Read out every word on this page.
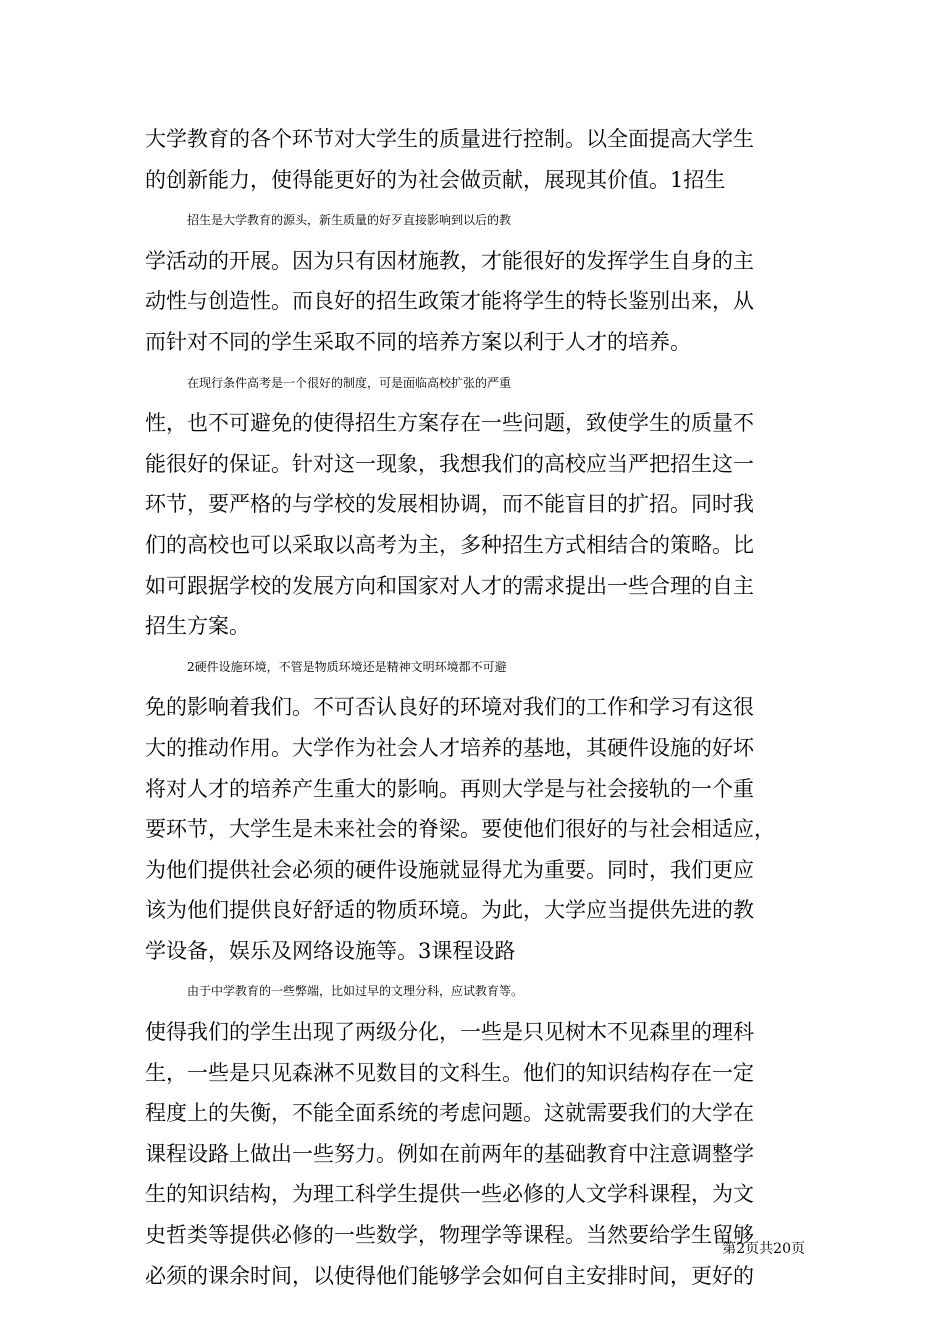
大学教育的各个环节对大学生的质量进行控制。以全面提高大学生
的创新能力，使得能更好的为社会做贡献，展现其价值。1招生
招生是大学教育的源头，新生质量的好歹直接影响到以后的教
学活动的开展。因为只有因材施教，才能很好的发挥学生自身的主
动性与创造性。而良好的招生政策才能将学生的特长鉴别出来，从
而针对不同的学生采取不同的培养方案以利于人才的培养。
在现行条件高考是一个很好的制度，可是面临高校扩张的严重
性，也不可避免的使得招生方案存在一些问题，致使学生的质量不
能很好的保证。针对这一现象，我想我们的高校应当严把招生这一
环节，要严格的与学校的发展相协调，而不能盲目的扩招。同时我
们的高校也可以采取以高考为主，多种招生方式相结合的策略。比
如可跟据学校的发展方向和国家对人才的需求提出一些合理的自主
招生方案。
2硬件设施环境，不管是物质环境还是精神文明环境都不可避
免的影响着我们。不可否认良好的环境对我们的工作和学习有这很
大的推动作用。大学作为社会人才培养的基地，其硬件设施的好坏
将对人才的培养产生重大的影响。再则大学是与社会接轨的一个重
要环节，大学生是未来社会的脊梁。要使他们很好的与社会相适应，
为他们提供社会必须的硬件设施就显得尤为重要。同时，我们更应
该为他们提供良好舒适的物质环境。为此，大学应当提供先进的教
学设备，娱乐及网络设施等。3课程设路
由于中学教育的一些弊端，比如过早的文理分科，应试教育等。
使得我们的学生出现了两级分化，一些是只见树木不见森里的理科
生，一些是只见森淋不见数目的文科生。他们的知识结构存在一定
程度上的失衡，不能全面系统的考虑问题。这就需要我们的大学在
课程设路上做出一些努力。例如在前两年的基础教育中注意调整学
生的知识结构，为理工科学生提供一些必修的人文学科课程，为文
史哲类等提供必修的一些数学，物理学等课程。当然要给学生留够
必须的课余时间，以使得他们能够学会如何自主安排时间，更好的
第2页共20页
